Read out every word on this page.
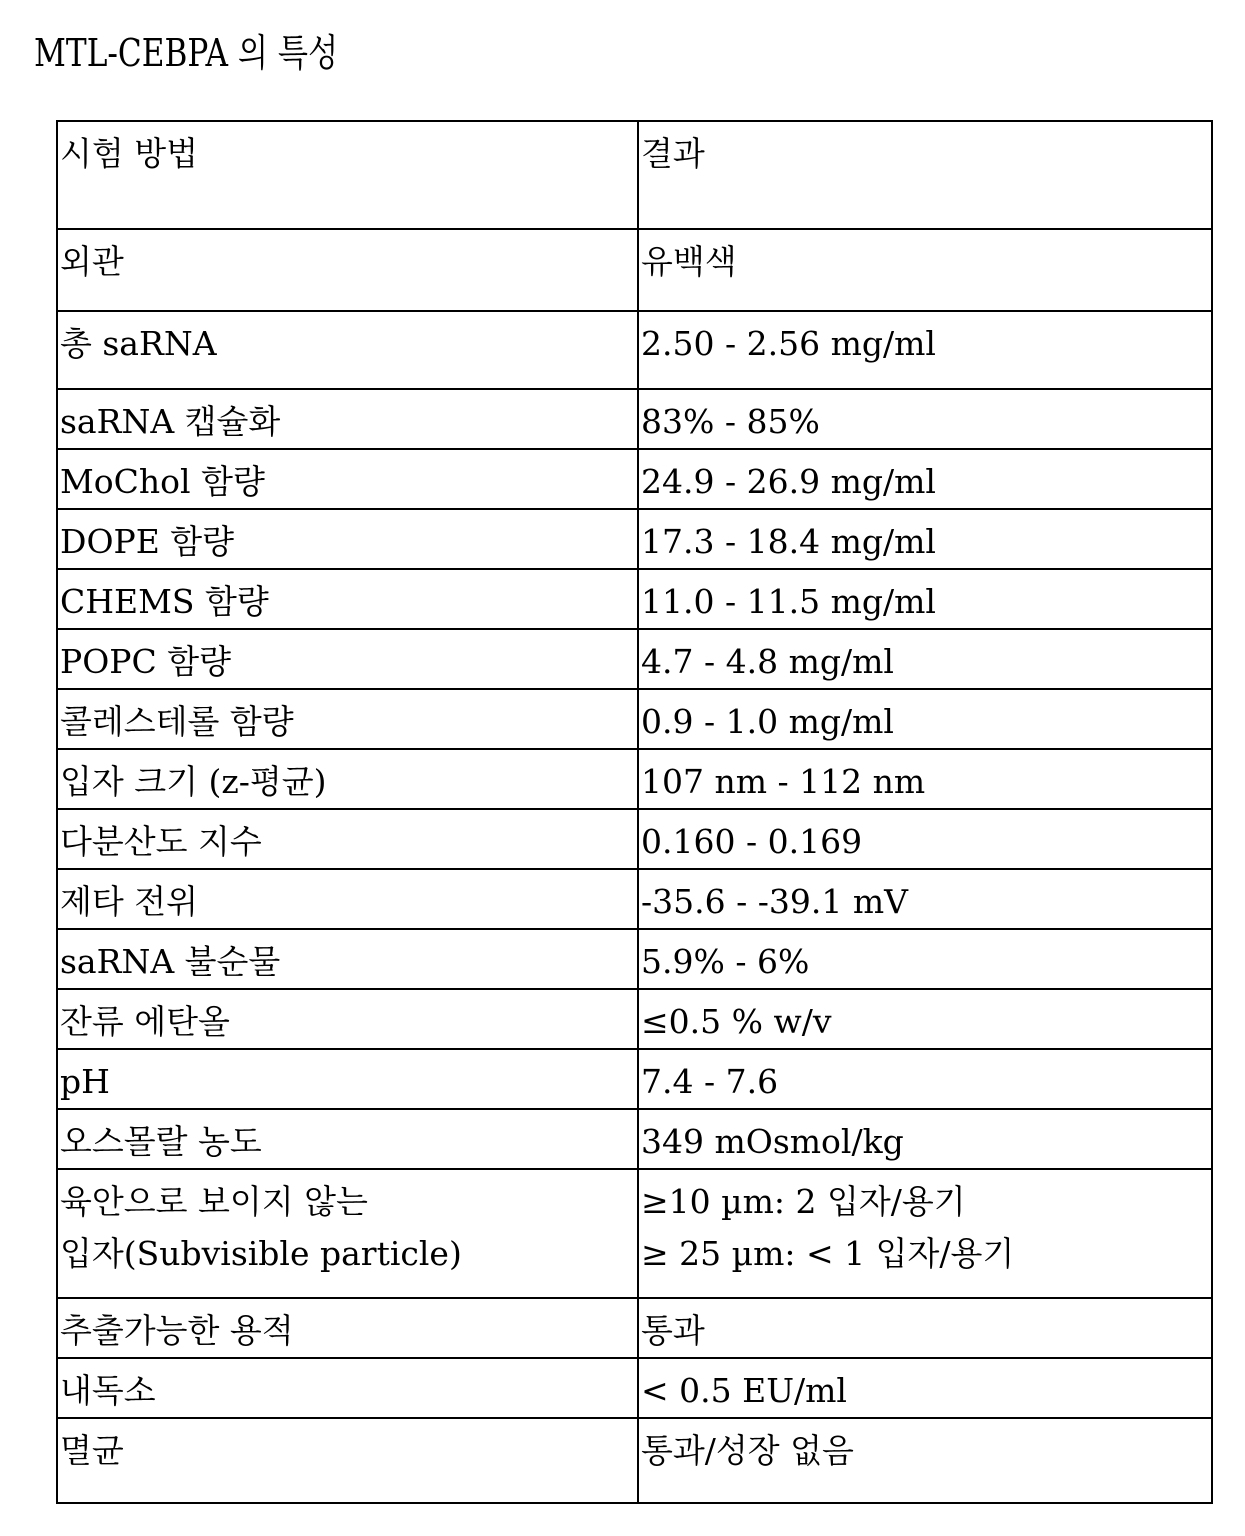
MTL-CEBPA 의 특성
시험 방법	결과

외관	유백색

총 saRNA	2.50 - 2.56 mg/ml

saRNA 캡슐화	83% - 85%

MoChol 함량	24.9 - 26.9 mg/ml

DOPE 함량	17.3 - 18.4 mg/ml

CHEMS 함량	11.0 - 11.5 mg/ml

POPC 함량	4.7 - 4.8 mg/ml

콜레스테롤 함량	0.9 - 1.0 mg/ml

입자 크기 (z-평균)	107 nm - 112 nm

다분산도 지수	0.160 - 0.169

제타 전위	-35.6 - -39.1 mV

saRNA 불순물	5.9% - 6%

잔류 에탄올	≤0.5 % w/v

pH	7.4 - 7.6

오스몰랄 농도	349 mOsmol/kg

육안으로 보이지 않는
입자(Subvisible particle)

≥10 µm: 2 입자/용기
≥ 25 µm: < 1 입자/용기

추출가능한 용적	통과

내독소	< 0.5 EU/ml

멸균	통과/성장 없음
